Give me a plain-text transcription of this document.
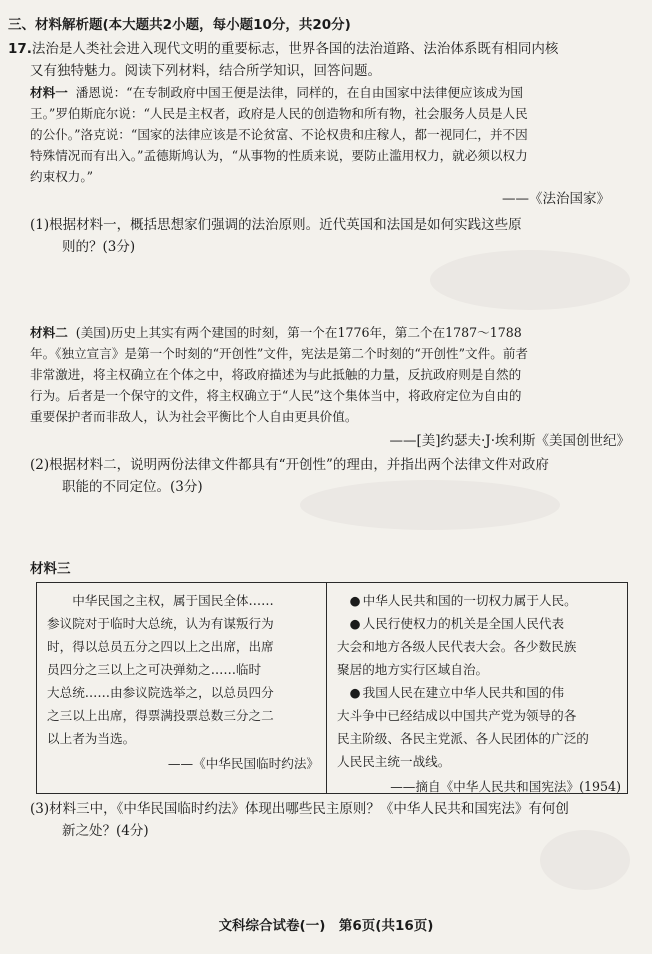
三、材料解析题(本大题共2小题，每小题10分，共20分)
17.法治是人类社会进入现代文明的重要标志，世界各国的法治道路、法治体系既有相同内核
又有独特魅力。阅读下列材料，结合所学知识，回答问题。
材料一 潘恩说：“在专制政府中国王便是法律，同样的，在自由国家中法律便应该成为国
王。”罗伯斯庇尔说：“人民是主权者，政府是人民的创造物和所有物，社会服务人员是人民
的公仆。”洛克说：“国家的法律应该是不论贫富、不论权贵和庄稼人，都一视同仁，并不因
特殊情况而有出入。”孟德斯鸠认为，“从事物的性质来说，要防止滥用权力，就必须以权力
约束权力。”
——《法治国家》
(1)根据材料一，概括思想家们强调的法治原则。近代英国和法国是如何实践这些原
则的？(3分)
材料二 (美国)历史上其实有两个建国的时刻，第一个在1776年，第二个在1787～1788
年。《独立宣言》是第一个时刻的“开创性”文件，宪法是第二个时刻的“开创性”文件。前者
非常激进，将主权确立在个体之中，将政府描述为与此抵触的力量，反抗政府则是自然的
行为。后者是一个保守的文件，将主权确立于“人民”这个集体当中，将政府定位为自由的
重要保护者而非敌人，认为社会平衡比个人自由更具价值。
——[美]约瑟夫·J·埃利斯《美国创世纪》
(2)根据材料二，说明两份法律文件都具有“开创性”的理由，并指出两个法律文件对政府
职能的不同定位。(3分)
材料三
中华民国之主权，属于国民全体……
参议院对于临时大总统，认为有谋叛行为
时，得以总员五分之四以上之出席，出席
员四分之三以上之可决弹劾之……临时
大总统……由参议院选举之，以总员四分
之三以上出席，得票满投票总数三分之二
以上者为当选。
——《中华民国临时约法》
● 中华人民共和国的一切权力属于人民。
● 人民行使权力的机关是全国人民代表
大会和地方各级人民代表大会。各少数民族
聚居的地方实行区域自治。
● 我国人民在建立中华人民共和国的伟
大斗争中已经结成以中国共产党为领导的各
民主阶级、各民主党派、各人民团体的广泛的
人民民主统一战线。
——摘自《中华人民共和国宪法》(1954)
(3)材料三中，《中华民国临时约法》体现出哪些民主原则？《中华人民共和国宪法》有何创
新之处？(4分)
文科综合试卷(一)　第6页(共16页)
